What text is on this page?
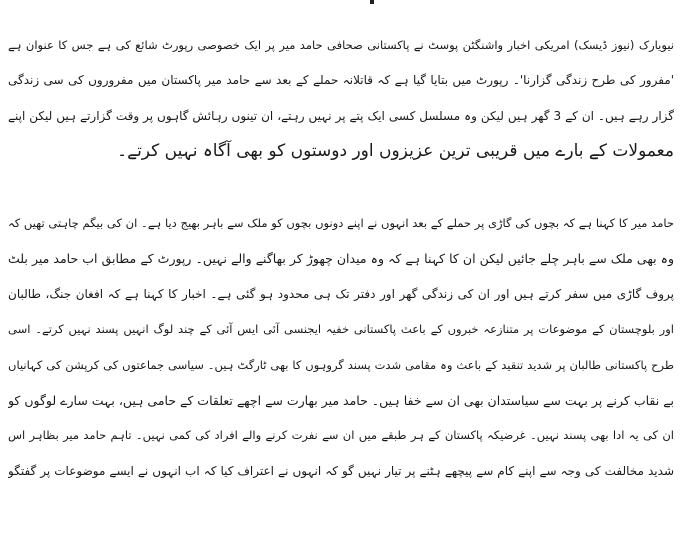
نیویارک (نیوز ڈیسک) امریکی اخبار واشنگٹن پوسٹ نے پاکستانی صحافی حامد میر پر ایک خصوصی رپورٹ شائع کی ہے جس کا عنوان ہے
'مفرور کی طرح زندگی گزارنا'۔ رپورٹ میں بتایا گیا ہے کہ قاتلانہ حملے کے بعد سے حامد میر پاکستان میں مفروروں کی سی زندگی
گزار رہے ہیں۔ ان کے 3 گھر ہیں لیکن وہ مسلسل کسی ایک پتے پر نہیں رہتے، ان تینوں رہائش گاہوں پر وقت گزارتے ہیں لیکن اپنے
معمولات کے بارے میں قریبی ترین عزیزوں اور دوستوں کو بھی آگاہ نہیں کرتے۔
حامد میر کا کہنا ہے کہ بچوں کی گاڑی پر حملے کے بعد انہوں نے اپنے دونوں بچوں کو ملک سے باہر بھیج دیا ہے۔ ان کی بیگم چاہتی تھیں کہ
وہ بھی ملک سے باہر چلے جائیں لیکن ان کا کہنا ہے کہ وہ میدان چھوڑ کر بھاگنے والے نہیں۔ رپورٹ کے مطابق اب حامد میر بلٹ
پروف گاڑی میں سفر کرتے ہیں اور ان کی زندگی گھر اور دفتر تک ہی محدود ہو گئی ہے۔ اخبار کا کہنا ہے کہ افغان جنگ، طالبان
اور بلوچستان کے موضوعات پر متنازعہ خبروں کے باعث پاکستانی خفیہ ایجنسی آئی ایس آئی کے چند لوگ انہیں پسند نہیں کرتے۔ اسی
طرح پاکستانی طالبان پر شدید تنقید کے باعث وہ مقامی شدت پسند گروہوں کا بھی ٹارگٹ ہیں۔ سیاسی جماعتوں کی کرپشن کی کہانیاں
بے نقاب کرنے پر بہت سے سیاستدان بھی ان سے خفا ہیں۔ حامد میر بھارت سے اچھے تعلقات کے حامی ہیں، بہت سارے لوگوں کو
ان کی یہ ادا بھی پسند نہیں۔ غرضیکہ پاکستان کے ہر طبقے میں ان سے نفرت کرنے والے افراد کی کمی نہیں۔ تاہم حامد میر بظاہر اس
شدید مخالفت کی وجہ سے اپنے کام سے پیچھے ہٹنے پر تیار نہیں گو کہ انہوں نے اعتراف کیا کہ اب انہوں نے ایسے موضوعات پر گفتگو
